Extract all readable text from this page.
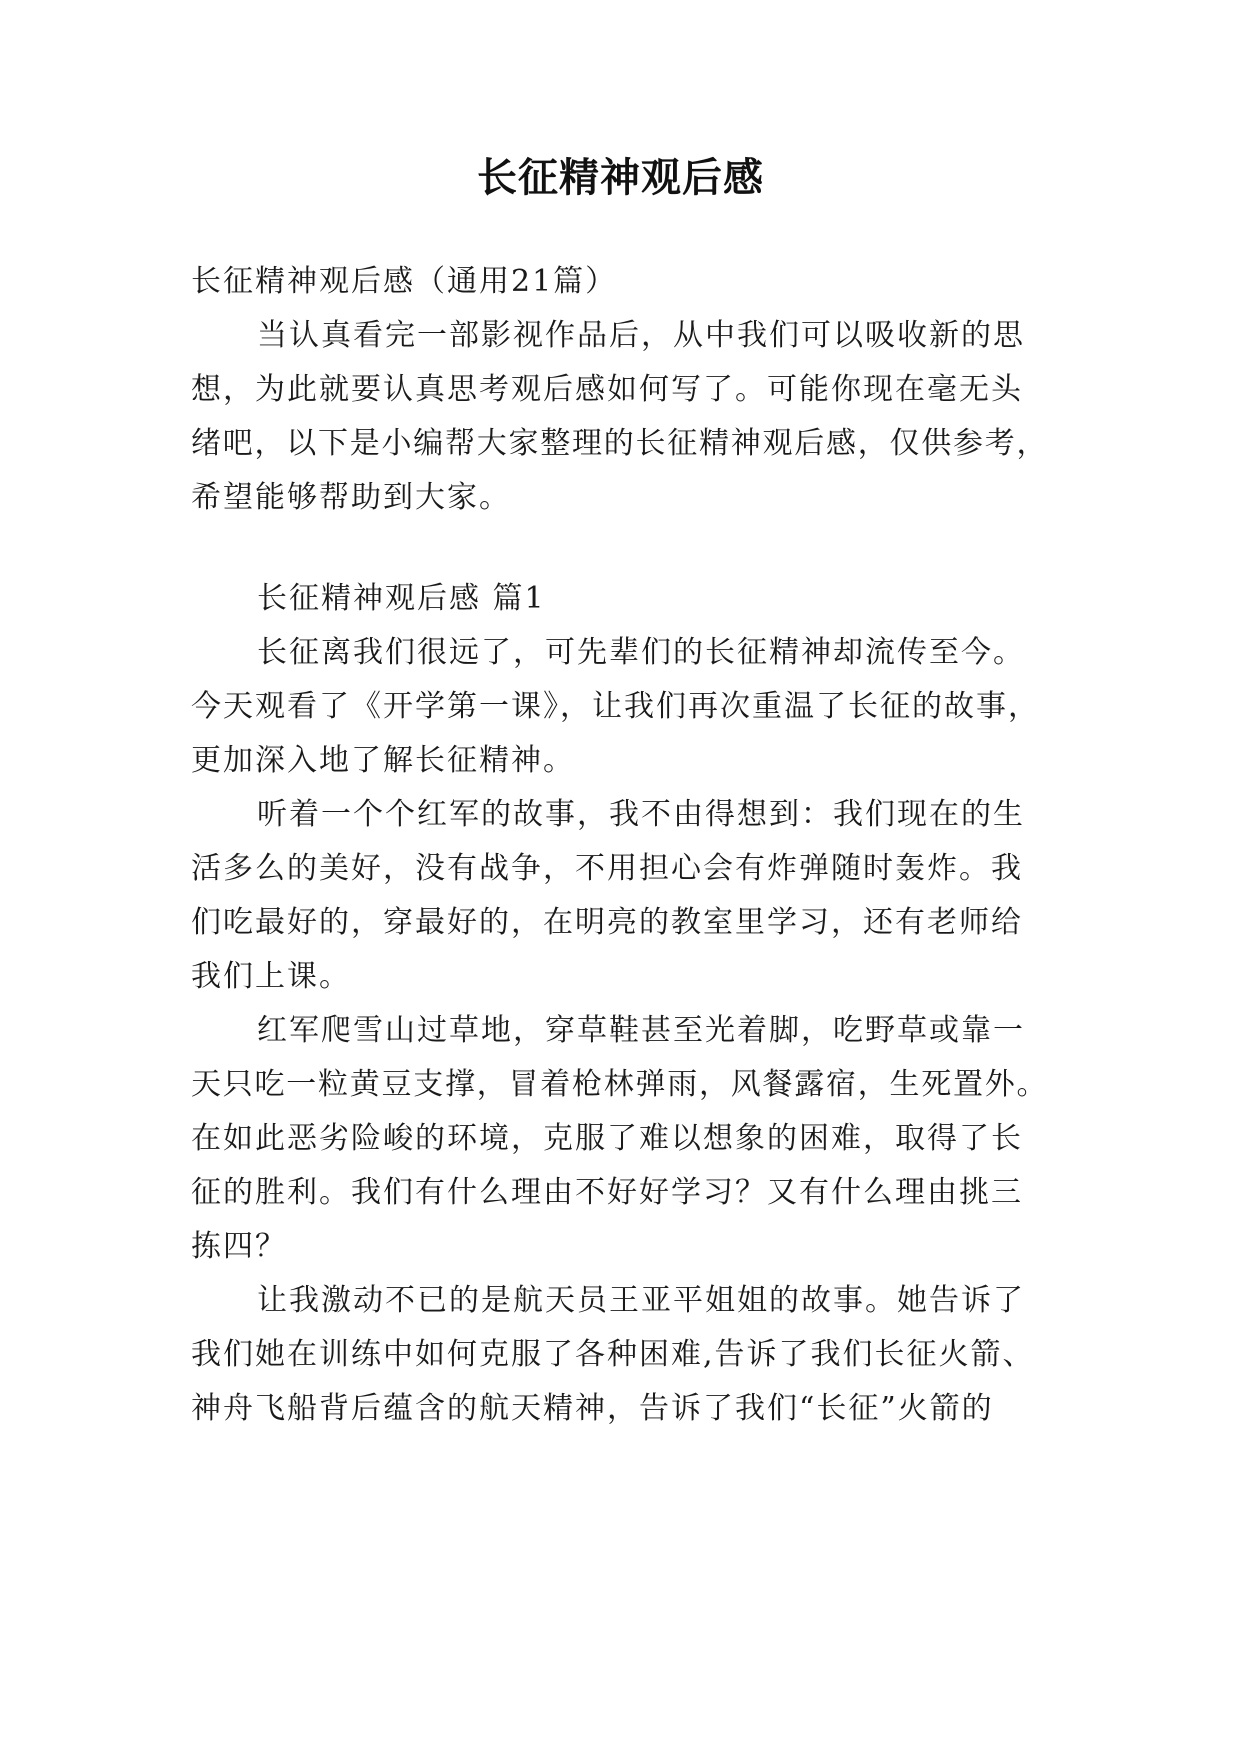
长征精神观后感

长征精神观后感（通用21篇）

当认真看完一部影视作品后，从中我们可以吸收新的思

想，为此就要认真思考观后感如何写了。可能你现在毫无头

绪吧，以下是小编帮大家整理的长征精神观后感，仅供参考，

希望能够帮助到大家。

长征精神观后感 篇1

长征离我们很远了，可先辈们的长征精神却流传至今。

今天观看了《开学第一课》，让我们再次重温了长征的故事，

更加深入地了解长征精神。

听着一个个红军的故事，我不由得想到：我们现在的生

活多么的美好，没有战争，不用担心会有炸弹随时轰炸。我

们吃最好的，穿最好的，在明亮的教室里学习，还有老师给

我们上课。

红军爬雪山过草地，穿草鞋甚至光着脚，吃野草或靠一

天只吃一粒黄豆支撑，冒着枪林弹雨，风餐露宿，生死置外。

在如此恶劣险峻的环境，克服了难以想象的困难，取得了长

征的胜利。我们有什么理由不好好学习？又有什么理由挑三

拣四？

让我激动不已的是航天员王亚平姐姐的故事。她告诉了

我们她在训练中如何克服了各种困难,告诉了我们长征火箭、

神舟飞船背后蕴含的航天精神，告诉了我们“长征”火箭的
